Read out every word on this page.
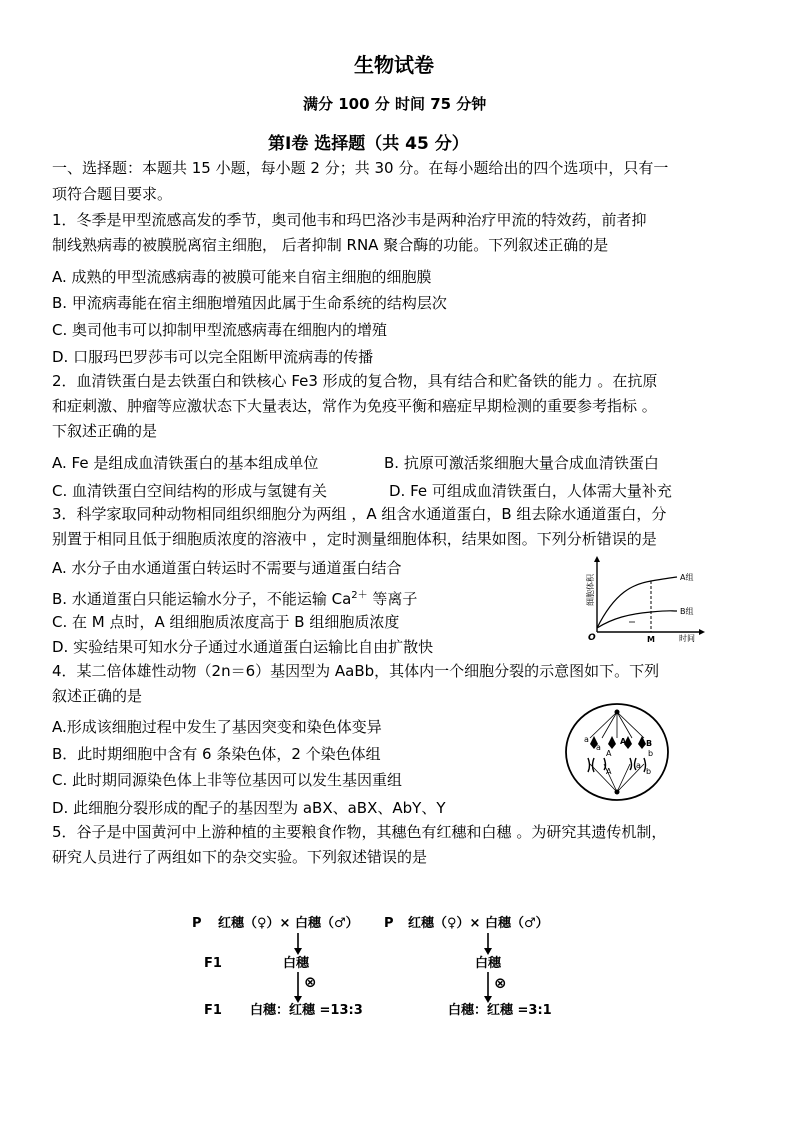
生物试卷
满分 100 分 时间 75 分钟
第Ⅰ卷 选择题（共 45 分）
一、选择题：本题共 15 小题，每小题 2 分；共 30 分。在每小题给出的四个选项中，只有一
项符合题目要求。
1．冬季是甲型流感高发的季节，奥司他韦和玛巴洛沙韦是两种治疗甲流的特效药，前者抑
制线熟病毒的被膜脱离宿主细胞， 后者抑制 RNA 聚合酶的功能。下列叙述正确的是
A. 成熟的甲型流感病毒的被膜可能来自宿主细胞的细胞膜
B. 甲流病毒能在宿主细胞增殖因此属于生命系统的结构层次
C. 奥司他韦可以抑制甲型流感病毒在细胞内的增殖
D. 口服玛巴罗莎韦可以完全阻断甲流病毒的传播
2．血清铁蛋白是去铁蛋白和铁核心 Fe3 形成的复合物，具有结合和贮备铁的能力 。在抗原
和症刺激、肿瘤等应激状态下大量表达，常作为免疫平衡和癌症早期检测的重要参考指标 。
下叙述正确的是
A. Fe 是组成血清铁蛋白的基本组成单位	B. 抗原可激活浆细胞大量合成血清铁蛋白
C. 血清铁蛋白空间结构的形成与氢键有关	D. Fe 可组成血清铁蛋白，人体需大量补充
3．科学家取同种动物相同组织细胞分为两组 ，A 组含水通道蛋白，B 组去除水通道蛋白，分
别置于相同且低于细胞质浓度的溶液中 ，定时测量细胞体积，结果如图。下列分析错误的是
A. 水分子由水通道蛋白转运时不需要与通道蛋白结合
B. 水通道蛋白只能运输水分子，不能运输 $Ca^{2+}$ 等离子
C. 在 M 点时，A 组细胞质浓度高于 B 组细胞质浓度
D. 实验结果可知水分子通过水通道蛋白运输比自由扩散快
细胞体积
O	M	时间
A组
B组
4．某二倍体雄性动物（2n＝6）基因型为 AaBb，其体内一个细胞分裂的示意图如下。下列
叙述正确的是
A.形成该细胞过程中发生了基因突变和染色体变异
B．此时期细胞中含有 6 条染色体，2 个染色体组
C. 此时期同源染色体上非等位基因可以发生基因重组
D. 此细胞分裂形成的配子的基因型为 aBX、aBX、AbY、Y
a
a
A
A
B
b
A
a
b
5．谷子是中国黄河中上游种植的主要粮食作物，其穗色有红穗和白穗 。为研究其遗传机制，
研究人员进行了两组如下的杂交实验。下列叙述错误的是
P 红穗（♀）× 白穗（♂） P 红穗（♀）× 白穗（♂）
F1	白穗	白穗
F1 白穗：红穗 =13:3	白穗：红穗 =3:1
⊗	⊗
